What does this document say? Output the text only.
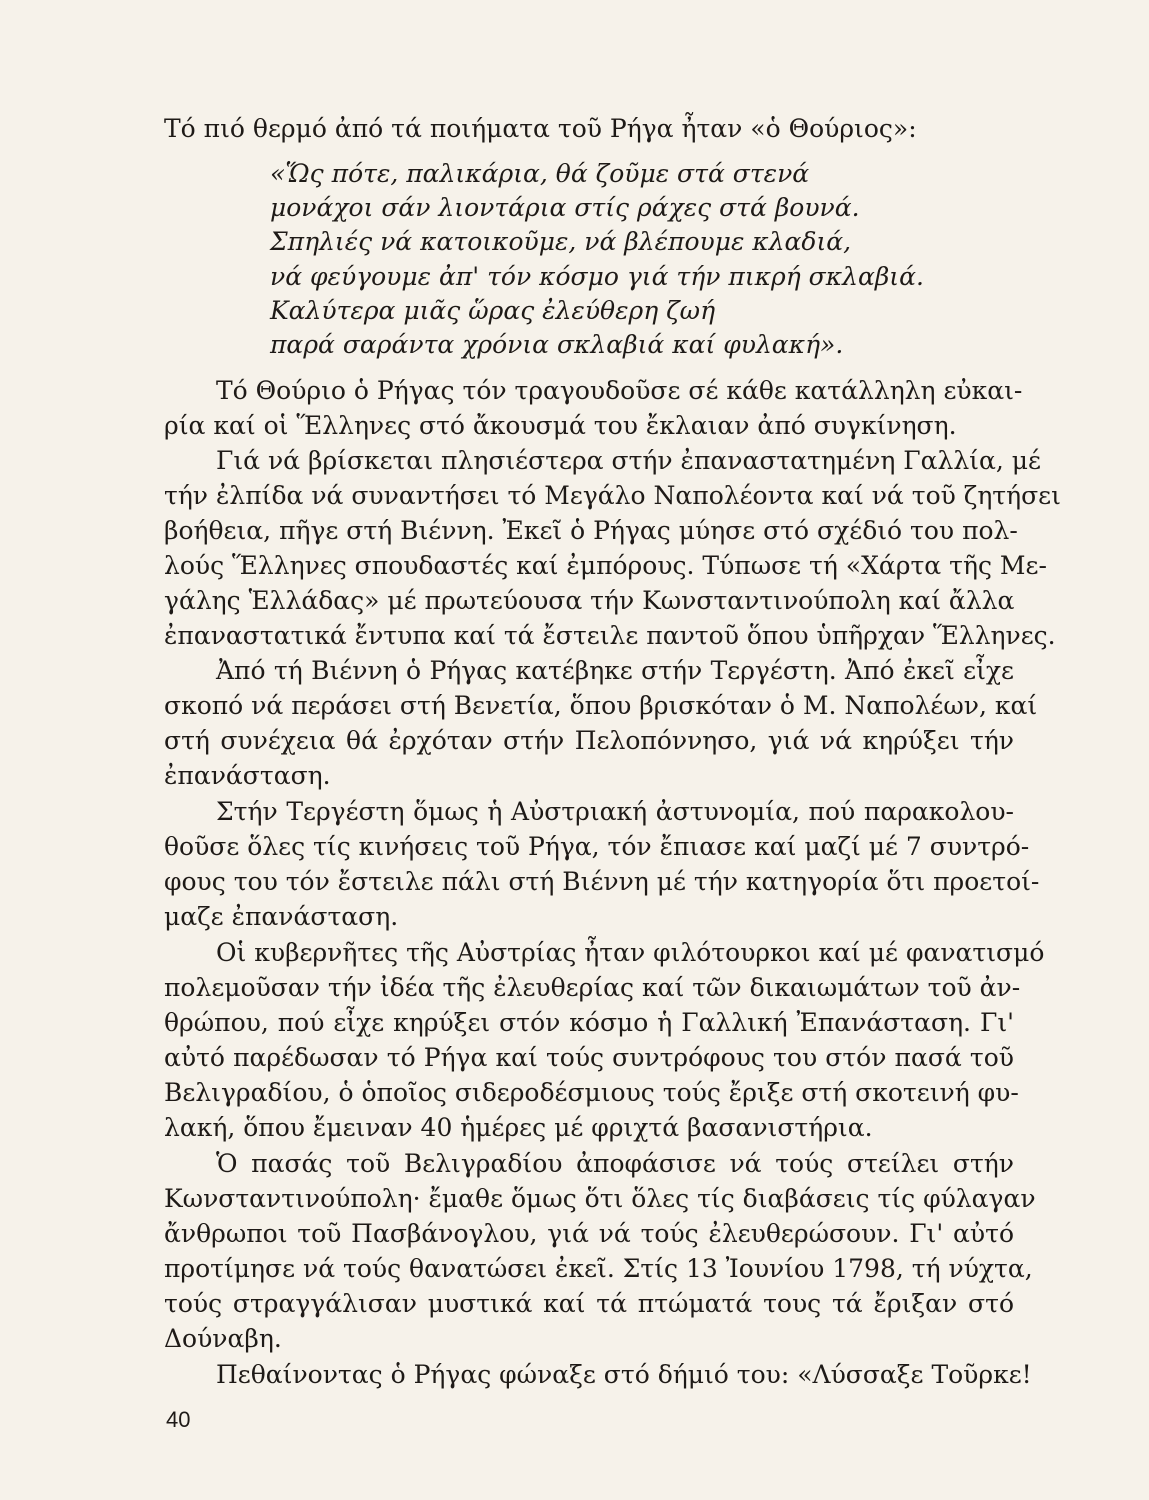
Τό πιό θερμό ἀπό τά ποιήματα τοῦ Ρήγα ἦταν «ὁ Θούριος»:
«Ὥς πότε, παλικάρια, θά ζοῦμε στά στενά
μονάχοι σάν λιοντάρια στίς ράχες στά βουνά.
Σπηλιές νά κατοικοῦμε, νά βλέπουμε κλαδιά,
νά φεύγουμε ἀπ' τόν κόσμο γιά τήν πικρή σκλαβιά.
Καλύτερα μιᾶς ὥρας ἐλεύθερη ζωή
παρά σαράντα χρόνια σκλαβιά καί φυλακή».
Τό Θούριο ὁ Ρήγας τόν τραγουδοῦσε σέ κάθε κατάλληλη εὐκαι-
ρία καί οἱ Ἕλληνες στό ἄκουσμά του ἔκλαιαν ἀπό συγκίνηση.
Γιά νά βρίσκεται πλησιέστερα στήν ἐπαναστατημένη Γαλλία, μέ
τήν ἐλπίδα νά συναντήσει τό Μεγάλο Ναπολέοντα καί νά τοῦ ζητήσει
βοήθεια, πῆγε στή Βιέννη. Ἐκεῖ ὁ Ρήγας μύησε στό σχέδιό του πολ-
λούς Ἕλληνες σπουδαστές καί ἐμπόρους. Τύπωσε τή «Χάρτα τῆς Με-
γάλης Ἑλλάδας» μέ πρωτεύουσα τήν Κωνσταντινούπολη καί ἄλλα
ἐπαναστατικά ἔντυπα καί τά ἔστειλε παντοῦ ὅπου ὑπῆρχαν Ἕλληνες.
Ἀπό τή Βιέννη ὁ Ρήγας κατέβηκε στήν Τεργέστη. Ἀπό ἐκεῖ εἶχε
σκοπό νά περάσει στή Βενετία, ὅπου βρισκόταν ὁ Μ. Ναπολέων, καί
στή συνέχεια θά ἐρχόταν στήν Πελοπόννησο, γιά νά κηρύξει τήν
ἐπανάσταση.
Στήν Τεργέστη ὅμως ἡ Αὐστριακή ἀστυνομία, πού παρακολου-
θοῦσε ὅλες τίς κινήσεις τοῦ Ρήγα, τόν ἔπιασε καί μαζί μέ 7 συντρό-
φους του τόν ἔστειλε πάλι στή Βιέννη μέ τήν κατηγορία ὅτι προετοί-
μαζε ἐπανάσταση.
Οἱ κυβερνῆτες τῆς Αὐστρίας ἦταν φιλότουρκοι καί μέ φανατισμό
πολεμοῦσαν τήν ἰδέα τῆς ἐλευθερίας καί τῶν δικαιωμάτων τοῦ ἀν-
θρώπου, πού εἶχε κηρύξει στόν κόσμο ἡ Γαλλική Ἐπανάσταση. Γι'
αὐτό παρέδωσαν τό Ρήγα καί τούς συντρόφους του στόν πασά τοῦ
Βελιγραδίου, ὁ ὁποῖος σιδεροδέσμιους τούς ἔριξε στή σκοτεινή φυ-
λακή, ὅπου ἔμειναν 40 ἡμέρες μέ φριχτά βασανιστήρια.
Ὁ πασάς τοῦ Βελιγραδίου ἀποφάσισε νά τούς στείλει στήν
Κωνσταντινούπολη· ἔμαθε ὅμως ὅτι ὅλες τίς διαβάσεις τίς φύλαγαν
ἄνθρωποι τοῦ Πασβάνογλου, γιά νά τούς ἐλευθερώσουν. Γι' αὐτό
προτίμησε νά τούς θανατώσει ἐκεῖ. Στίς 13 Ἰουνίου 1798, τή νύχτα,
τούς στραγγάλισαν μυστικά καί τά πτώματά τους τά ἔριξαν στό
Δούναβη.
Πεθαίνοντας ὁ Ρήγας φώναξε στό δήμιό του: «Λύσσαξε Τοῦρκε!
40
